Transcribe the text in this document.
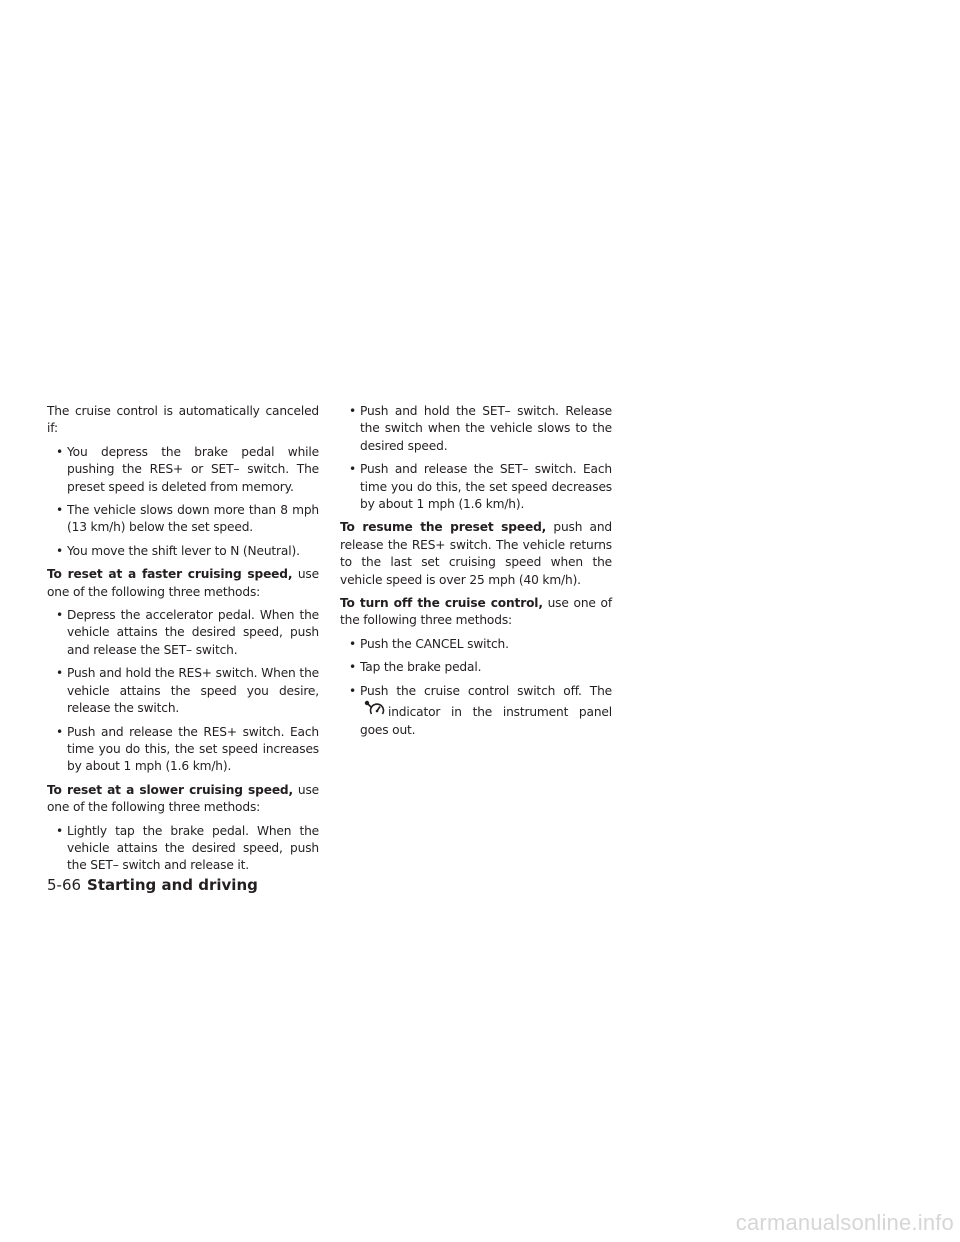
The cruise control is automatically canceled if:

• You depress the brake pedal while pushing the RES+ or SET– switch. The preset speed is deleted from memory.
• The vehicle slows down more than 8 mph (13 km/h) below the set speed.
• You move the shift lever to N (Neutral).

To reset at a faster cruising speed, use one of the following three methods:

• Depress the accelerator pedal. When the vehicle attains the desired speed, push and release the SET– switch.
• Push and hold the RES+ switch. When the vehicle attains the speed you desire, release the switch.
• Push and release the RES+ switch. Each time you do this, the set speed increases by about 1 mph (1.6 km/h).

To reset at a slower cruising speed, use one of the following three methods:

• Lightly tap the brake pedal. When the vehicle attains the desired speed, push the SET– switch and release it.
• Push and hold the SET– switch. Release the switch when the vehicle slows to the desired speed.
• Push and release the SET– switch. Each time you do this, the set speed decreases by about 1 mph (1.6 km/h).

To resume the preset speed, push and release the RES+ switch. The vehicle returns to the last set cruising speed when the vehicle speed is over 25 mph (40 km/h).

To turn off the cruise control, use one of the following three methods:

• Push the CANCEL switch.
• Tap the brake pedal.
• Push the cruise control switch off. The
indicator in the instrument panel goes out.
5-66 Starting and driving
carmanualsonline.info
